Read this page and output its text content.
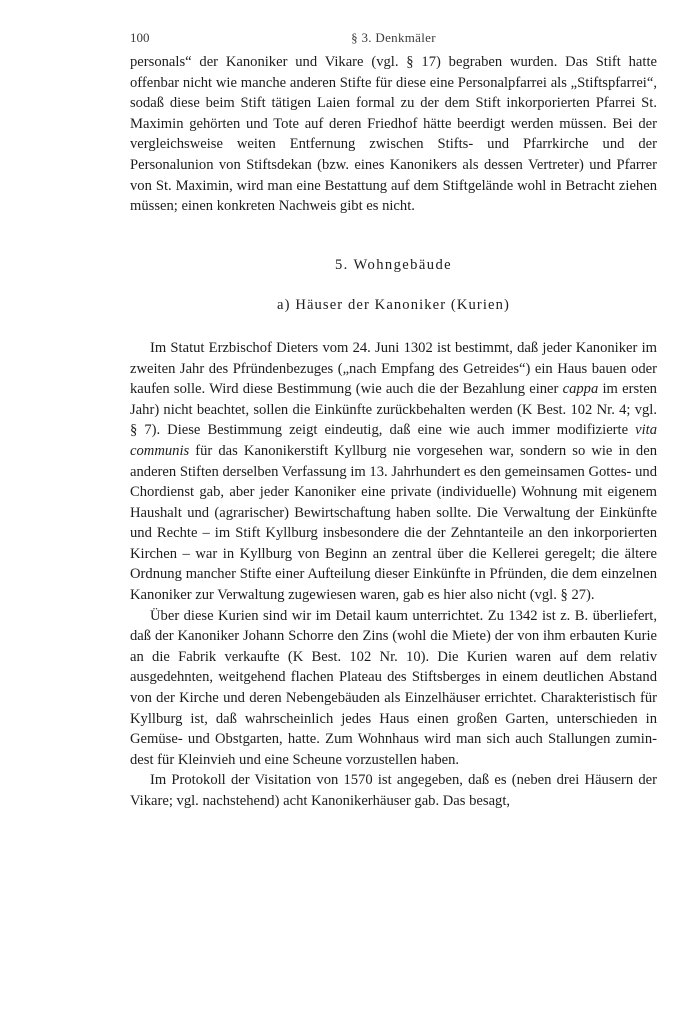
100	§ 3. Denkmäler

personals“ der Kanoniker und Vikare (vgl. § 17) begraben wurden. Das Stift hatte offenbar nicht wie manche anderen Stifte für diese eine Personalpfarrei als „Stiftspfarrei“, sodaß diese beim Stift tätigen Laien formal zu der dem Stift inkorporierten Pfarrei St. Maximin gehörten und Tote auf deren Friedhof hätte beerdigt werden müssen. Bei der vergleichsweise weiten Entfernung zwischen Stifts- und Pfarrkirche und der Personalunion von Stiftsdekan (bzw. eines Kanonikers als dessen Vertreter) und Pfarrer von St. Maximin, wird man eine Bestattung auf dem Stiftgelände wohl in Betracht ziehen müssen; einen konkreten Nachweis gibt es nicht.

5. Wohngebäude
a) Häuser der Kanoniker (Kurien)

Im Statut Erzbischof Dieters vom 24. Juni 1302 ist bestimmt, daß jeder Kanoniker im zweiten Jahr des Pfründenbezuges („nach Empfang des Getreides“) ein Haus bauen oder kaufen solle. Wird diese Bestimmung (wie auch die der Bezahlung einer cappa im ersten Jahr) nicht beachtet, sollen die Einkünfte zurückbehalten werden (K Best. 102 Nr. 4; vgl. § 7). Diese Bestimmung zeigt eindeutig, daß eine wie auch immer modifizierte vita communis für das Kanonikerstift Kyllburg nie vorgesehen war, sondern so wie in den anderen Stiften derselben Verfassung im 13. Jahrhundert es den gemeinsamen Gottes- und Chordienst gab, aber jeder Kanoniker eine private (individuelle) Wohnung mit eigenem Haushalt und (agrarischer) Bewirtschaftung haben sollte. Die Verwaltung der Einkünfte und Rechte – im Stift Kyllburg insbesondere die der Zehntanteile an den inkorporierten Kirchen – war in Kyllburg von Beginn an zentral über die Kellerei geregelt; die ältere Ordnung mancher Stifte einer Aufteilung dieser Einkünfte in Pfründen, die dem einzelnen Kanoniker zur Verwaltung zugewiesen waren, gab es hier also nicht (vgl. § 27).

Über diese Kurien sind wir im Detail kaum unterrichtet. Zu 1342 ist z. B. überliefert, daß der Kanoniker Johann Schorre den Zins (wohl die Miete) der von ihm erbauten Kurie an die Fabrik verkaufte (K Best. 102 Nr. 10). Die Kurien waren auf dem relativ ausgedehnten, weitgehend flachen Plateau des Stiftsberges in einem deutlichen Abstand von der Kirche und deren Nebengebäuden als Einzelhäuser errichtet. Charakteristisch für Kyllburg ist, daß wahrscheinlich jedes Haus einen großen Garten, unterschieden in Gemüse- und Obstgarten, hatte. Zum Wohnhaus wird man sich auch Stallungen zumindest für Kleinvieh und eine Scheune vorzustellen haben.

Im Protokoll der Visitation von 1570 ist angegeben, daß es (neben drei Häusern der Vikare; vgl. nachstehend) acht Kanonikerhäuser gab. Das besagt,
